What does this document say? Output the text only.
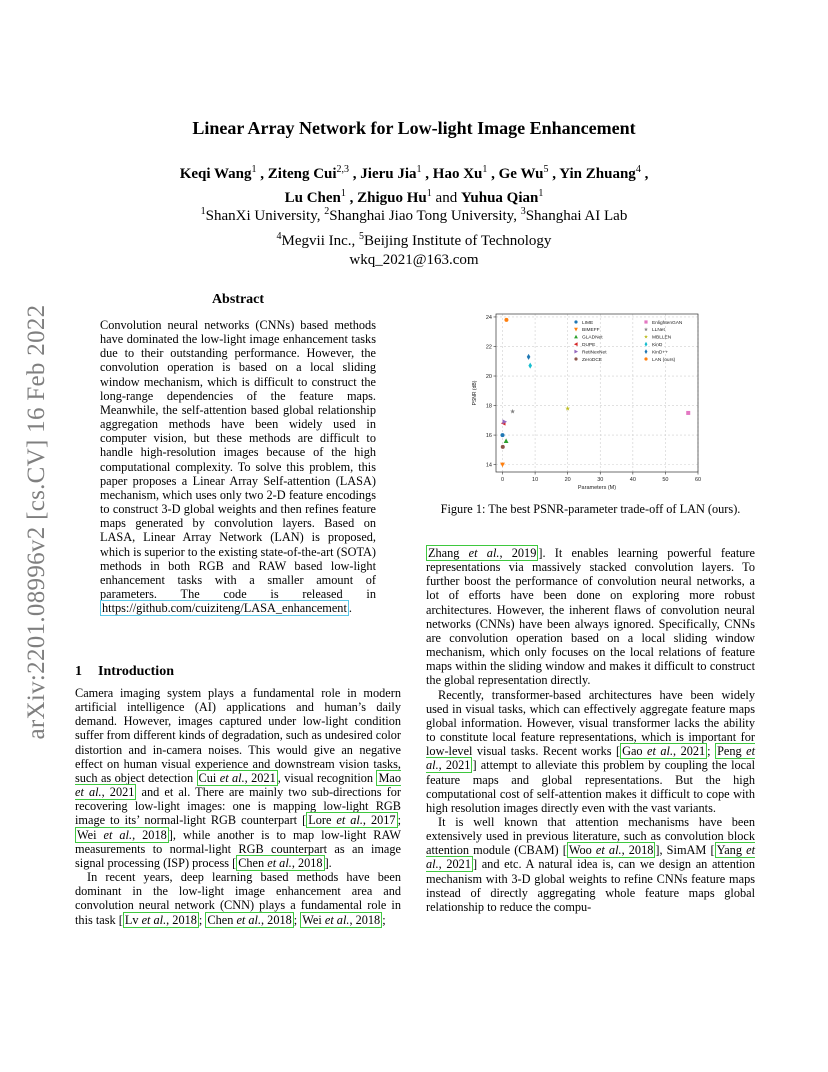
arXiv:2201.08996v2 [cs.CV] 16 Feb 2022
Linear Array Network for Low-light Image Enhancement
Keqi Wang$^1$ , Ziteng Cui$^{2,3}$ , Jieru Jia$^1$ , Hao Xu$^1$ , Ge Wu$^5$ , Yin Zhuang$^4$ ,
Lu Chen$^1$ , Zhiguo Hu$^1$ and Yuhua Qian$^1$
$^1$ShanXi University, $^2$Shanghai Jiao Tong University, $^3$Shanghai AI Lab
$^4$Megvii Inc., $^5$Beijing Institute of Technology
wkq_2021@163.com
Abstract
Convolution neural networks (CNNs) based methods have dominated the low-light image enhancement tasks due to their outstanding performance. However, the convolution operation is based on a local sliding window mechanism, which is difficult to construct the long-range dependencies of the feature maps. Meanwhile, the self-attention based global relationship aggregation methods have been widely used in computer vision, but these methods are difficult to handle high-resolution images because of the high computational complexity. To solve this problem, this paper proposes a Linear Array Self-attention (LASA) mechanism, which uses only two 2-D feature encodings to construct 3-D global weights and then refines feature maps generated by convolution layers. Based on LASA, Linear Array Network (LAN) is proposed, which is superior to the existing state-of-the-art (SOTA) methods in both RGB and RAW based low-light enhancement tasks with a smaller amount of parameters. The code is released in https://github.com/cuiziteng/LASA_enhancement .
1 Introduction

Camera imaging system plays a fundamental role in modern artificial intelligence (AI) applications and human’s daily demand. However, images captured under low-light condition suffer from different kinds of degradation, such as undesired color distortion and in-camera noises. This would give an negative effect on human visual experience and downstream vision tasks, such as object detection Cui et al., 2021 , visual recognition Mao et al., 2021 and et al. There are mainly two sub-directions for recovering low-light images: one is mapping low-light RGB image to its’ normal-light RGB counterpart [ Lore et al., 2017 ; Wei et al., 2018 ], while another is to map low-light RAW measurements to normal-light RGB counterpart as an image signal processing (ISP) process [ Chen et al., 2018 ].

In recent years, deep learning based methods have been dominant in the low-light image enhancement area and convolution neural network (CNN) plays a fundamental role in this task [ Lv et al., 2018 ; Chen et al., 2018 ; Wei et al., 2018 ;

0	10	20	30	40	50	60
14
16
18
20
22
24
Parameters (M)
PSNR (dB)
LIME
BIMEFF
GLADNet
DUPE
RetiNexNet
ZeroDCE
EnlightenGAN
LLNet
MBLLEN
KinD
KinD++
LAN (ours)
Figure 1: The best PSNR-parameter trade-off of LAN (ours).

Zhang et al., 2019 ]. It enables learning powerful feature representations via massively stacked convolution layers. To further boost the performance of convolution neural networks, a lot of efforts have been done on exploring more robust architectures. However, the inherent flaws of convolution neural networks (CNNs) have been always ignored. Specifically, CNNs are convolution operation based on a local sliding window mechanism, which only focuses on the local relations of feature maps within the sliding window and makes it difficult to construct the global representation directly.

Recently, transformer-based architectures have been widely used in visual tasks, which can effectively aggregate feature maps global information. However, visual transformer lacks the ability to constitute local feature representations, which is important for low-level visual tasks. Recent works [ Gao et al., 2021 ; Peng et al., 2021 ] attempt to alleviate this problem by coupling the local feature maps and global representations. But the high computational cost of self-attention makes it difficult to cope with high resolution images directly even with the vast variants.

It is well known that attention mechanisms have been extensively used in previous literature, such as convolution block attention module (CBAM) [ Woo et al., 2018 ], SimAM [ Yang et al., 2021 ] and etc. A natural idea is, can we design an attention mechanism with 3-D global weights to refine CNNs feature maps instead of directly aggregating whole feature maps global relationship to reduce the compu-
